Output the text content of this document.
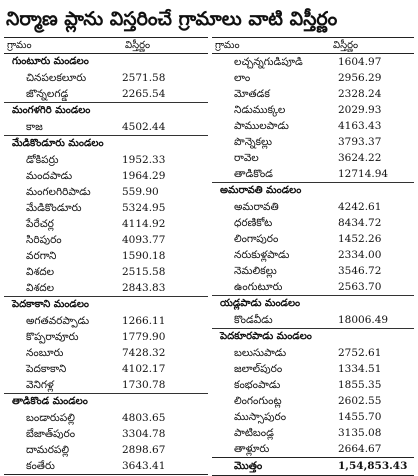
నిర్మాణ ప్లాను విస్తరించే గ్రామాలు వాటి విస్తీర్ణం
గ్రామం	విస్తీర్ణం
గుంటూరు మండలం
చినపలకలూరు	2571.58
జొన్నలగడ్డ	2265.54
మంగళగిరి మండలం
కాజ	4502.44
మేడికొండూరు మండలం
డోకిపర్రు	1952.33
మందపాడు	1964.29
మంగలగిరిపాడు	559.90
మేడికొండూరు	5324.95
పేరేచర్ల	4114.92
సిరిపురం	4093.77
వరగాని	1590.18
విశదల	2515.58
విశదల	2843.83
పెదకాకాని మండలం
అగతవరప్పాడు	1266.11
కొప్పరావూరు	1779.90
నంబూరు	7428.32
పెదకాకాని	4102.17
వెనిగళ్ల	1730.78
తాడికొండ మండలం
బండారుపల్లి	4803.65
బేజాత్‌పురం	3304.78
దామరపల్లి	2898.67
కంతేరు	3643.41
గ్రామం	విస్తీర్ణం
లచ్చన్నగుడిపూడి	1604.97
లాం	2956.29
మోతడక	2328.24
నిడుముక్కల	2029.93
పాములపాడు	4163.43
పొన్నెకల్లు	3793.37
రావెల	3624.22
తాడికొండ	12714.94
అమరావతి మండలం
అమరావతి	4242.61
ధరణికోట	8434.72
లింగాపురం	1452.26
నరుకుళ్లపాడు	2334.00
నెమలికల్లు	3546.72
ఉంగుటూరు	2563.70
యడ్లపాడు మండలం
కొండవీడు	18006.49
పెదకూరపాడు మండలం
బలుసుపాడు	2752.61
జలాల్‌పురం	1334.51
కంభంపాడు	1855.35
లింగంగుంట్ల	2602.55
ముస్సాపురం	1455.70
పాటిబండ్ల	3135.08
తాళ్లూరు	2664.67
మొత్తం	1,54,853.43
